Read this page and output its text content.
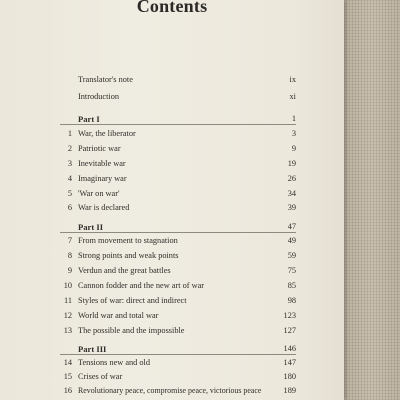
Contents
Translator's note	ix
Introduction	xi
Part I	1
1 War, the liberator	3
2 Patriotic war	9
3 Inevitable war	19
4 Imaginary war	26
5 'War on war'	34
6 War is declared	39
Part II	47
7 From movement to stagnation	49
8 Strong points and weak points	59
9 Verdun and the great battles	75
10 Cannon fodder and the new art of war	85
11 Styles of war: direct and indirect	98
12 World war and total war	123
13 The possible and the impossible	127
Part III	146
14 Tensions new and old	147
15 Crises of war	180
16 Revolutionary peace, compromise peace, victorious peace	189
